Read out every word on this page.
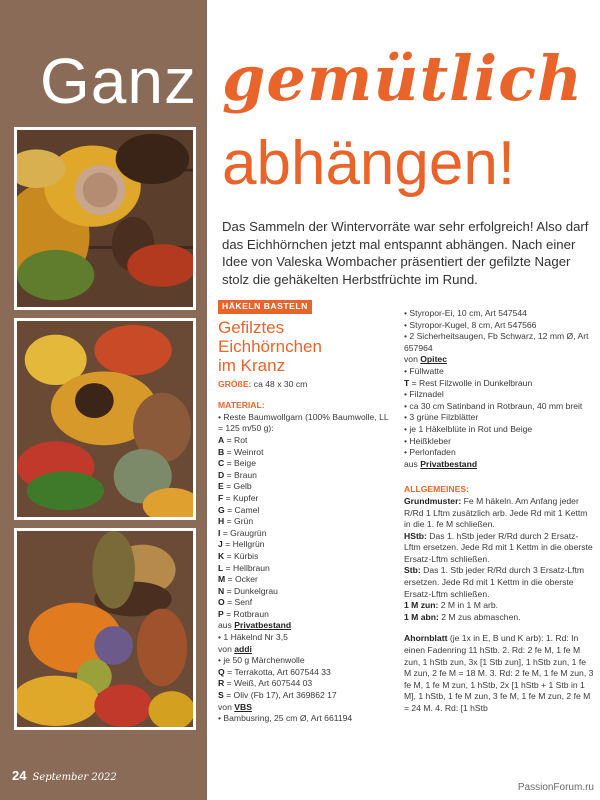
Ganz gemütlich
abhängen!
Das Sammeln der Wintervorräte war sehr erfolgreich! Also darf das Eichhörnchen jetzt mal entspannt abhängen. Nach einer Idee von Valeska Wombacher präsentiert der gefilzte Nager stolz die gehäkelten Herbstfrüchte im Rund.
HÄKELN BASTELN
Gefilztes
Eichhörnchen
im Kranz
GRÖßE: ca 48 x 30 cm
MATERIAL:
• Reste Baumwollgarn (100% Baumwolle, LL = 125 m/50 g):
A = Rot
B = Weinrot
C = Beige
D = Braun
E = Gelb
F = Kupfer
G = Camel
H = Grün
I = Graugrün
J = Hellgrün
K = Kürbis
L = Hellbraun
M = Ocker
N = Dunkelgrau
O = Senf
P = Rotbraun
aus Privatbestand
• 1 Häkelnd Nr 3,5
von addi
• je 50 g Märchenwolle
Q = Terrakotta, Art 607544 33
R = Weiß, Art 607544 03
S = Oliv (Fb 17), Art 369862 17
von VBS
• Bambusring, 25 cm Ø, Art 661194
• Styropor-Ei, 10 cm, Art 547544
• Styropor-Kugel, 8 cm, Art 547566
• 2 Sicherheitsaugen, Fb Schwarz, 12 mm Ø, Art 657964
von Opitec
• Füllwatte
T = Rest Filzwolle in Dunkelbraun
• Filznadel
• ca 30 cm Satinband in Rotbraun, 40 mm breit
• 3 grüne Filzblätter
• je 1 Häkelblüte in Rot und Beige
• Heißkleber
• Perlonfaden
aus Privatbestand
ALLGEMEINES:
Grundmuster: Fe M häkeln. Am Anfang jeder R/Rd 1 Lftm zusätzlich arb. Jede Rd mit 1 Kettm in die 1. fe M schließen.
HStb: Das 1. hStb jeder R/Rd durch 2 Ersatz-Lftm ersetzen. Jede Rd mit 1 Kettm in die oberste Ersatz-Lftm schließen.
Stb: Das 1. Stb jeder R/Rd durch 3 Ersatz-Lftm ersetzen. Jede Rd mit 1 Kettm in die oberste Ersatz-Lftm schließen.
1 M zun: 2 M in 1 M arb.
1 M abn: 2 M zus abmaschen.
Ahornblatt (je 1x in E, B und K arb): 1. Rd: In einen Fadenring 11 hStb. 2. Rd: 2 fe M, 1 fe M zun, 1 hStb zun, 3x [1 Stb zun], 1 hStb zun, 1 fe M zun, 2 fe M = 18 M. 3. Rd: 2 fe M, 1 fe M zun, 3 fe M, 1 fe M zun, 1 hStb, 2x [1 hStb + 1 Stb in 1 M], 1 hStb, 1 fe M zun, 3 fe M, 1 fe M zun, 2 fe M = 24 M. 4. Rd: [1 hStb
24 September 2022
PassionForum.ru
